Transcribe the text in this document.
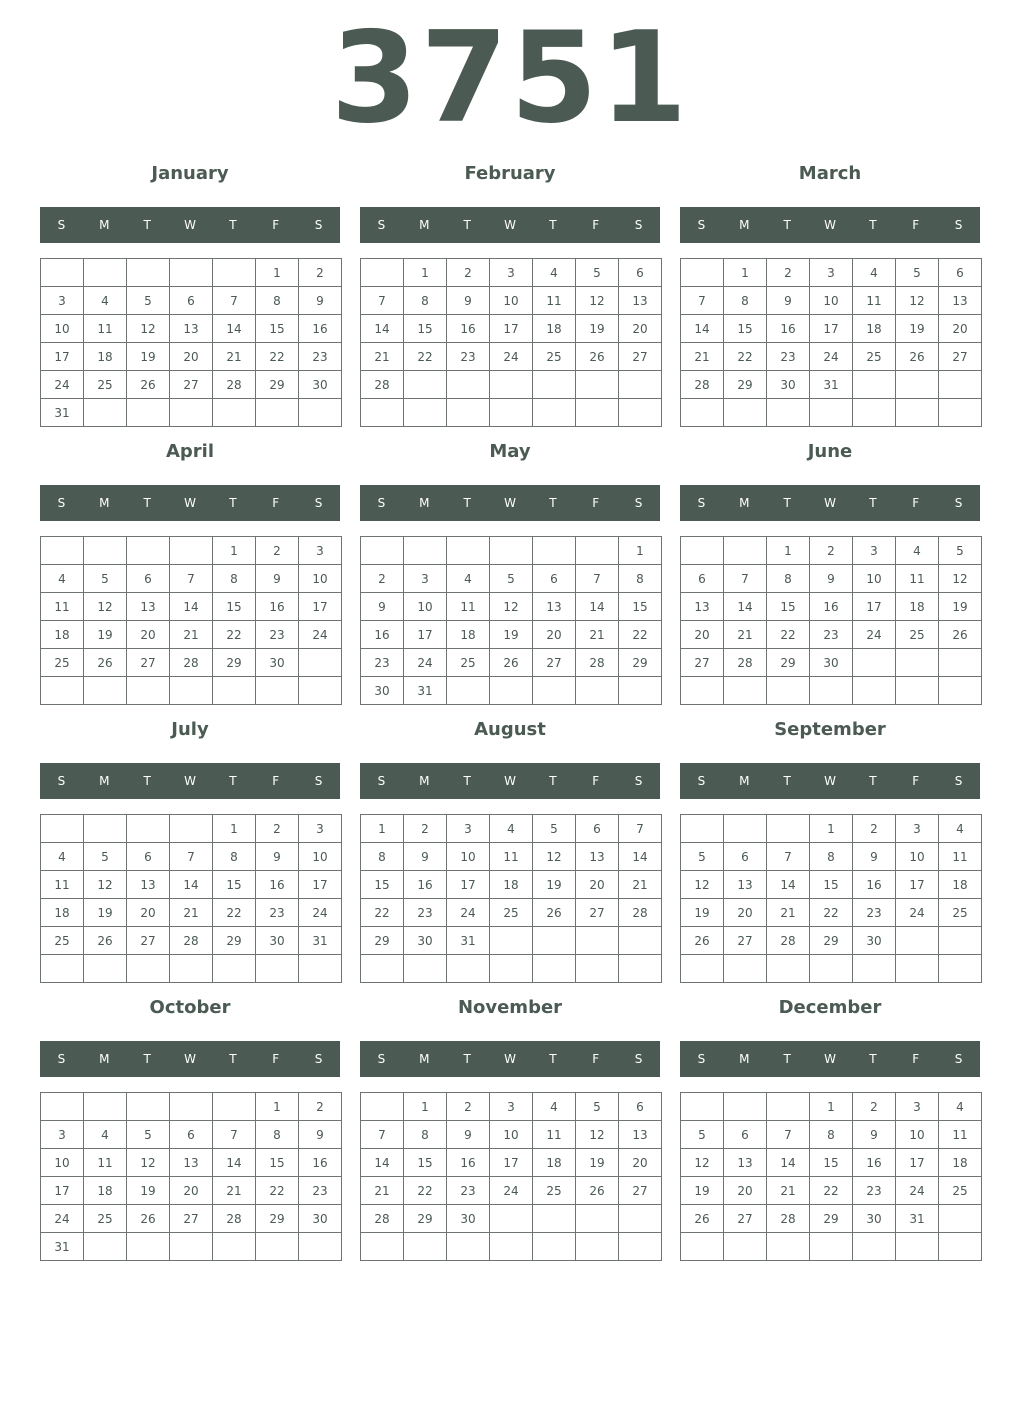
3751
January
S	M	T	W	T	F	S
					1	2
3	4	5	6	7	8	9
10	11	12	13	14	15	16
17	18	19	20	21	22	23
24	25	26	27	28	29	30
31						
February
S	M	T	W	T	F	S
	1	2	3	4	5	6
7	8	9	10	11	12	13
14	15	16	17	18	19	20
21	22	23	24	25	26	27
28						

March
S	M	T	W	T	F	S
	1	2	3	4	5	6
7	8	9	10	11	12	13
14	15	16	17	18	19	20
21	22	23	24	25	26	27
28	29	30	31			

April
S	M	T	W	T	F	S
				1	2	3
4	5	6	7	8	9	10
11	12	13	14	15	16	17
18	19	20	21	22	23	24
25	26	27	28	29	30	

May
S	M	T	W	T	F	S
						1
2	3	4	5	6	7	8
9	10	11	12	13	14	15
16	17	18	19	20	21	22
23	24	25	26	27	28	29
30	31					
June
S	M	T	W	T	F	S
		1	2	3	4	5
6	7	8	9	10	11	12
13	14	15	16	17	18	19
20	21	22	23	24	25	26
27	28	29	30			

July
S	M	T	W	T	F	S
				1	2	3
4	5	6	7	8	9	10
11	12	13	14	15	16	17
18	19	20	21	22	23	24
25	26	27	28	29	30	31

August
S	M	T	W	T	F	S
1	2	3	4	5	6	7
8	9	10	11	12	13	14
15	16	17	18	19	20	21
22	23	24	25	26	27	28
29	30	31				

September
S	M	T	W	T	F	S
			1	2	3	4
5	6	7	8	9	10	11
12	13	14	15	16	17	18
19	20	21	22	23	24	25
26	27	28	29	30		

October
S	M	T	W	T	F	S
					1	2
3	4	5	6	7	8	9
10	11	12	13	14	15	16
17	18	19	20	21	22	23
24	25	26	27	28	29	30
31						
November
S	M	T	W	T	F	S
	1	2	3	4	5	6
7	8	9	10	11	12	13
14	15	16	17	18	19	20
21	22	23	24	25	26	27
28	29	30				

December
S	M	T	W	T	F	S
			1	2	3	4
5	6	7	8	9	10	11
12	13	14	15	16	17	18
19	20	21	22	23	24	25
26	27	28	29	30	31	
